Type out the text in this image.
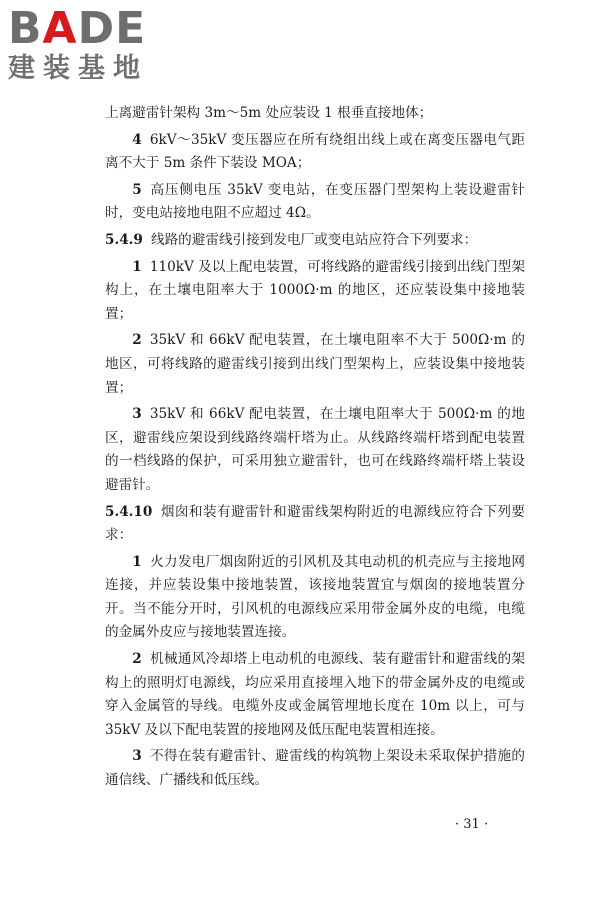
BADE
建装基地

上离避雷针架构 3m～5m 处应装设 1 根垂直接地体；

4 6kV～35kV 变压器应在所有绕组出线上或在离变压器电气距离不大于 5m 条件下装设 MOA；

5 高压侧电压 35kV 变电站，在变压器门型架构上装设避雷针时，变电站接地电阻不应超过 4Ω。

5.4.9 线路的避雷线引接到发电厂或变电站应符合下列要求：

1 110kV 及以上配电装置，可将线路的避雷线引接到出线门型架构上，在土壤电阻率大于 1000Ω·m 的地区，还应装设集中接地装置；

2 35kV 和 66kV 配电装置，在土壤电阻率不大于 500Ω·m 的地区，可将线路的避雷线引接到出线门型架构上，应装设集中接地装置；

3 35kV 和 66kV 配电装置，在土壤电阻率大于 500Ω·m 的地区，避雷线应架设到线路终端杆塔为止。从线路终端杆塔到配电装置的一档线路的保护，可采用独立避雷针，也可在线路终端杆塔上装设避雷针。

5.4.10 烟囱和装有避雷针和避雷线架构附近的电源线应符合下列要求：

1 火力发电厂烟囱附近的引风机及其电动机的机壳应与主接地网连接，并应装设集中接地装置，该接地装置宜与烟囱的接地装置分开。当不能分开时，引风机的电源线应采用带金属外皮的电缆，电缆的金属外皮应与接地装置连接。

2 机械通风冷却塔上电动机的电源线、装有避雷针和避雷线的架构上的照明灯电源线，均应采用直接埋入地下的带金属外皮的电缆或穿入金属管的导线。电缆外皮或金属管埋地长度在 10m 以上，可与 35kV 及以下配电装置的接地网及低压配电装置相连接。

3 不得在装有避雷针、避雷线的构筑物上架设未采取保护措施的通信线、广播线和低压线。

· 31 ·
